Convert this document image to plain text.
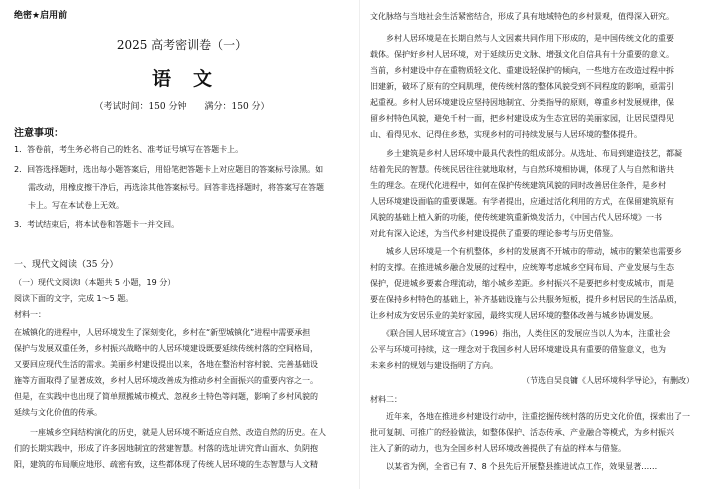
绝密★启用前
2025 高考密训卷（一）
语文
（考试时间：150 分钟　　满分：150 分）
注意事项：
1．答卷前，考生务必将自己的姓名、准考证号填写在答题卡上。
2．回答选择题时，选出每小题答案后，用铅笔把答题卡上对应题目的答案标号涂黑。如
需改动，用橡皮擦干净后，再选涂其他答案标号。回答非选择题时，将答案写在答题
卡上。写在本试卷上无效。
3．考试结束后，将本试卷和答题卡一并交回。
一、现代文阅读（35 分）
（一）现代文阅读Ⅰ（本题共 5 小题，19 分）
阅读下面的文字，完成 1～5 题。
材料一：
在城镇化的进程中，人居环境发生了深刻变化，乡村在“新型城镇化”进程中需要承担
保护与发展双重任务，乡村振兴战略中的人居环境建设既要延续传统村落的空间格局，
又要回应现代生活的需求。美丽乡村建设提出以来，各地在整治村容村貌、完善基础设
施等方面取得了显著成效，乡村人居环境改善成为推动乡村全面振兴的重要内容之一。
但是，在实践中也出现了简单照搬城市模式、忽视乡土特色等问题，影响了乡村风貌的
延续与文化价值的传承。
　　一座城乡空间结构演化的历史，就是人居环境不断适应自然、改造自然的历史。在人
们的长期实践中，形成了许多因地制宜的营建智慧。村落的选址讲究背山面水、负阴抱
阳，建筑的布局顺应地形、疏密有致，这些都体现了传统人居环境的生态智慧与人文精
文化脉络与当地社会生活紧密结合，形成了具有地域特色的乡村景观，值得深入研究。
　　乡村人居环境是在长期自然与人文因素共同作用下形成的，是中国传统文化的重要
载体。保护好乡村人居环境，对于延续历史文脉、增强文化自信具有十分重要的意义。
当前，乡村建设中存在重物质轻文化、重建设轻保护的倾向，一些地方在改造过程中拆
旧建新，破坏了原有的空间肌理，使传统村落的整体风貌受到不同程度的影响，亟需引
起重视。乡村人居环境建设应坚持因地制宜、分类指导的原则，尊重乡村发展规律，保
留乡村特色风貌，避免千村一面，把乡村建设成为生态宜居的美丽家园，让居民望得见
山、看得见水、记得住乡愁，实现乡村的可持续发展与人居环境的整体提升。
　　乡土建筑是乡村人居环境中最具代表性的组成部分。从选址、布局到建造技艺，都凝
结着先民的智慧。传统民居往往就地取材，与自然环境相协调，体现了人与自然和谐共
生的理念。在现代化进程中，如何在保护传统建筑风貌的同时改善居住条件，是乡村
人居环境建设面临的重要课题。有学者提出，应通过活化利用的方式，在保留建筑原有
风貌的基础上植入新的功能，使传统建筑重新焕发活力，《中国古代人居环境》一书
对此有深入论述，为当代乡村建设提供了重要的理论参考与历史借鉴。
　　城乡人居环境是一个有机整体，乡村的发展离不开城市的带动，城市的繁荣也需要乡
村的支撑。在推进城乡融合发展的过程中，应统筹考虑城乡空间布局、产业发展与生态
保护，促进城乡要素合理流动，缩小城乡差距。乡村振兴不是要把乡村变成城市，而是
要在保持乡村特色的基础上，补齐基础设施与公共服务短板，提升乡村居民的生活品质，
让乡村成为安居乐业的美好家园，最终实现人居环境的整体改善与城乡协调发展。
　　《联合国人居环境宣言》（1996）指出，人类住区的发展应当以人为本，注重社会
公平与环境可持续，这一理念对于我国乡村人居环境建设具有重要的借鉴意义，也为
未来乡村的规划与建设指明了方向。
（节选自吴良镛《人居环境科学导论》，有删改）
材料二：
　　近年来，各地在推进乡村建设行动中，注重挖掘传统村落的历史文化价值，探索出了一
批可复制、可推广的经验做法，如整体保护、活态传承、产业融合等模式，为乡村振兴
注入了新的动力，也为全国乡村人居环境改善提供了有益的样本与借鉴。
　　以某省为例，全省已有 7、8 个县先后开展整县推进试点工作，效果显著……
